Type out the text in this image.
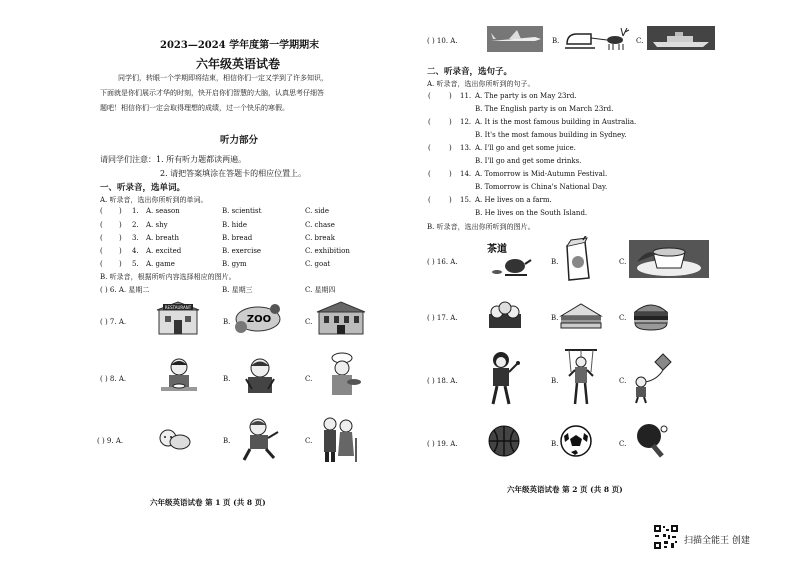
2023—2024 学年度第一学期期末
六年级英语试卷
同学们，转眼一个学期即将结束，相信你们一定又学到了许多知识，
下面就是你们展示才华的时刻，快开启你们智慧的大脑，认真思考仔细答
题吧！相信你们一定会取得理想的成绩，过一个快乐的寒假。
听力部分
请同学们注意：1. 所有听力题都读两遍。
2. 请把答案填涂在答题卡的相应位置上。
一、听录音，选单词。
A. 听录音，选出你所听到的单词。
( ) 1. A. season	B. scientist	C. side
( ) 2. A. shy	B. hide	C. chase
( ) 3. A. breath	B. bread	C. break
( ) 4. A. excited	B. exercise	C. exhibition
( ) 5. A. game	B. gym	C. goat
B. 听录音，根据所听内容选择相应的图片。
( ) 6. A. 星期二	B. 星期三	C. 星期四
( ) 7. A.
RESTAURANT
B. ZOO	C.
( ) 8. A.	B.	C.
( ) 9. A.	B.	C.
六年级英语试卷 第 1 页 (共 8 页)
( ) 10. A.	B.	C.
二、听录音，选句子。
A. 听录音，选出你所听到的句子。
(	) 11. A. The party is on May 23rd.
B. The English party is on March 23rd.
(	) 12. A. It is the most famous building in Australia.
B. It's the most famous building in Sydney.
(	) 13. A. I'll go and get some juice.
B. I'll go and get some drinks.
(	) 14. A. Tomorrow is Mid-Autumn Festival.
B. Tomorrow is China's National Day.
(	) 15. A. He lives on a farm.
B. He lives on the South Island.
B. 听录音，选出你所听到的图片。
( ) 16. A.
茶道
B.	C.
( ) 17. A.	B.	C.
( ) 18. A.	B.	C.
( ) 19. A.	B.	C.
六年级英语试卷 第 2 页 (共 8 页)
扫描全能王 创建
